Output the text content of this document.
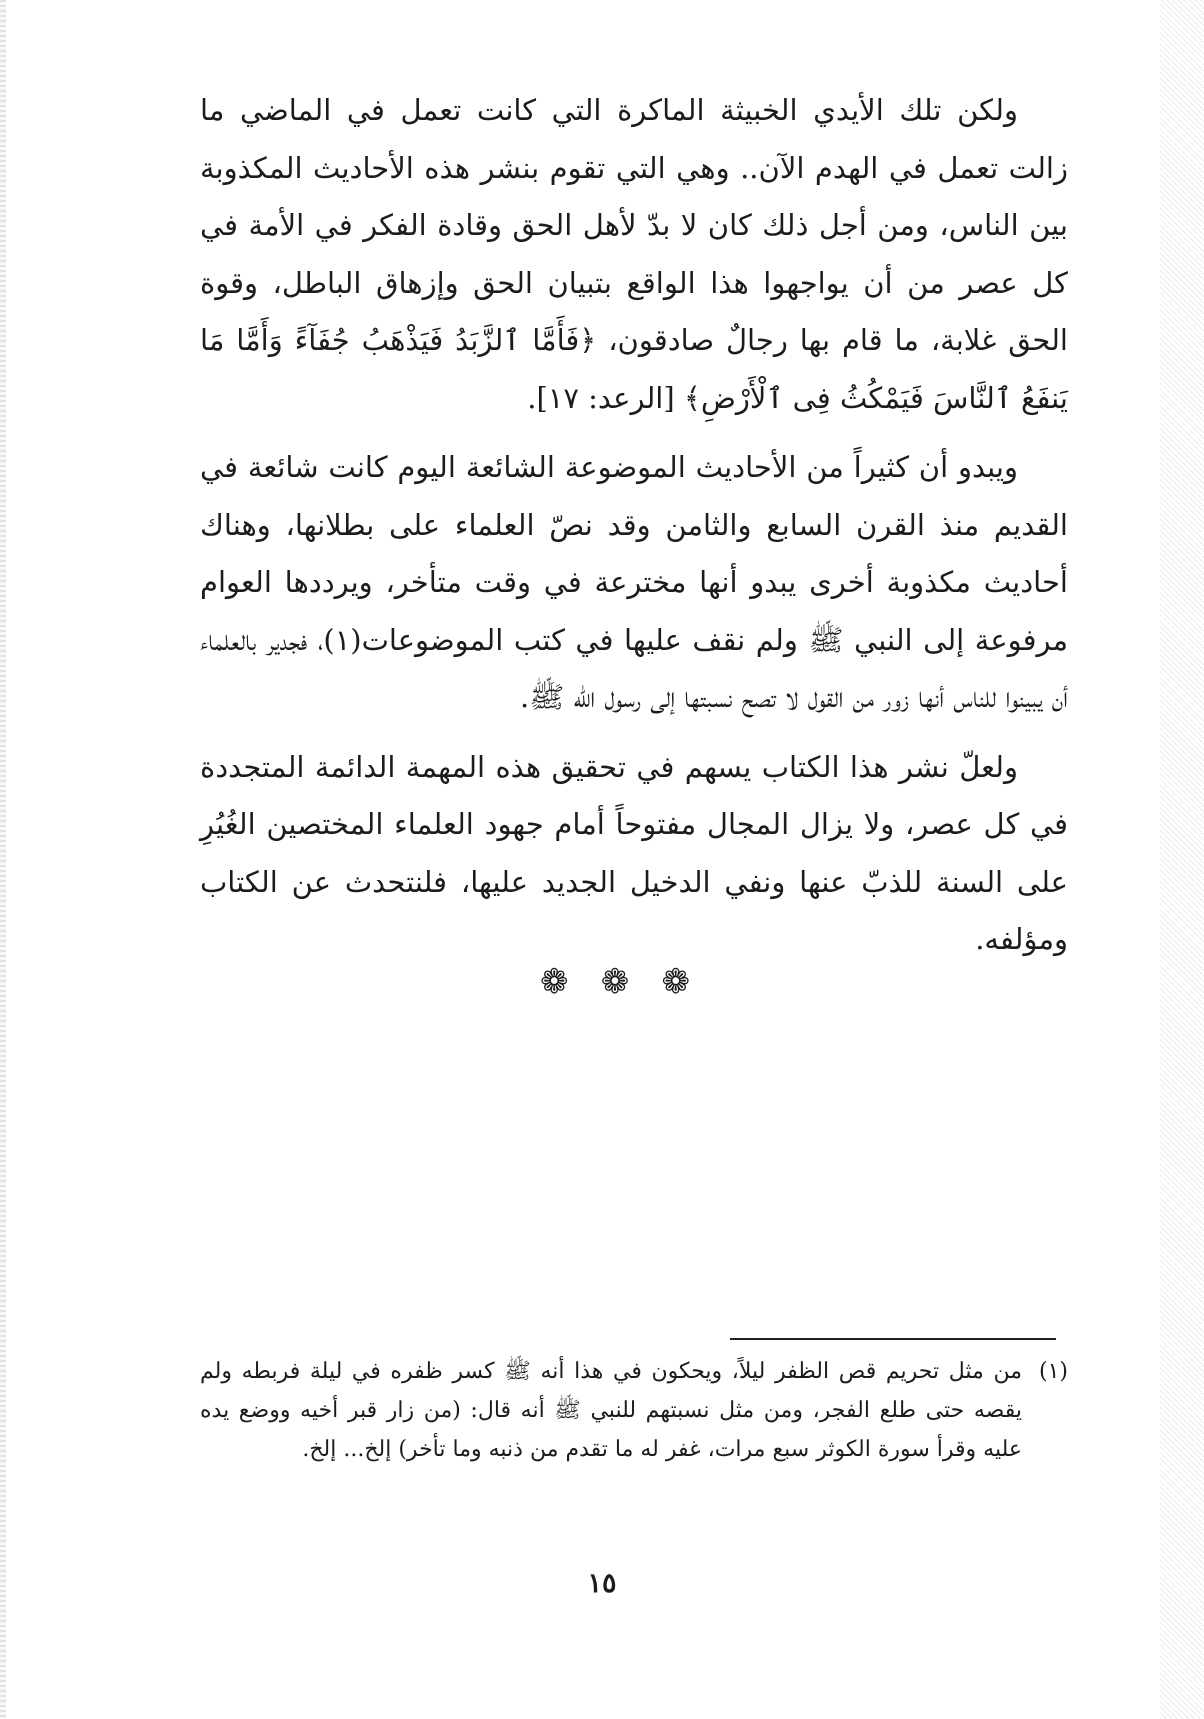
ولكن تلك الأيدي الخبيثة الماكرة التي كانت تعمل في الماضي ما زالت تعمل في الهدم الآن.. وهي التي تقوم بنشر هذه الأحاديث المكذوبة بين الناس، ومن أجل ذلك كان لا بدّ لأهل الحق وقادة الفكر في الأمة في كل عصر من أن يواجهوا هذا الواقع بتبيان الحق وإزهاق الباطل، وقوة الحق غلابة، ما قام بها رجالٌ صادقون، ﴿فَأَمَّا ٱلزَّبَدُ فَيَذْهَبُ جُفَآءً وَأَمَّا مَا يَنفَعُ ٱلنَّاسَ فَيَمْكُثُ فِى ٱلْأَرْضِ﴾ [الرعد: ١٧].

ويبدو أن كثيراً من الأحاديث الموضوعة الشائعة اليوم كانت شائعة في القديم منذ القرن السابع والثامن وقد نصّ العلماء على بطلانها، وهناك أحاديث مكذوبة أخرى يبدو أنها مخترعة في وقت متأخر، ويرددها العوام مرفوعة إلى النبي ﷺ ولم نقف عليها في كتب الموضوعات(١)، فجدير بالعلماء أن يبينوا للناس أنها زور من القول لا تصح نسبتها إلى رسول الله ﷺ.

ولعلّ نشر هذا الكتاب يسهم في تحقيق هذه المهمة الدائمة المتجددة في كل عصر، ولا يزال المجال مفتوحاً أمام جهود العلماء المختصين الغُيُرِ على السنة للذبّ عنها ونفي الدخيل الجديد عليها، فلنتحدث عن الكتاب ومؤلفه.

❁ ❁ ❁
(١)
من مثل تحريم قص الظفر ليلاً، ويحكون في هذا أنه ﷺ كسر ظفره في ليلة فربطه ولم يقصه حتى طلع الفجر، ومن مثل نسبتهم للنبي ﷺ أنه قال: (من زار قبر أخيه ووضع يده عليه وقرأ سورة الكوثر سبع مرات، غفر له ما تقدم من ذنبه وما تأخر) إلخ... إلخ.
١٥
